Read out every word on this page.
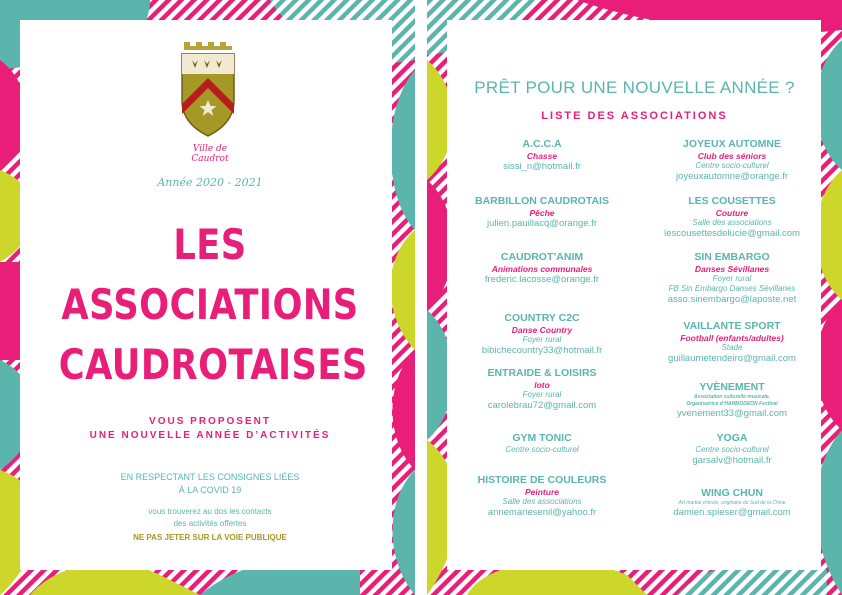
Ville de Caudrot
Année 2020 - 2021
LES
ASSOCIATIONS
CAUDROTAISES
VOUS PROPOSENT
UNE NOUVELLE ANNÉE D’ACTIVITÉS
EN RESPECTANT LES CONSIGNES LIÉES
À LA COVID 19
vous trouverez au dos les contacts
des activités offertes
NE PAS JETER SUR LA VOIE PUBLIQUE
PRÊT POUR UNE NOUVELLE ANNÉE ?
LISTE DES ASSOCIATIONS
A.C.C.A
Chasse
sissi_n@hotmail.fr
BARBILLON CAUDROTAIS
Pêche
julien.pauillacq@orange.fr
CAUDROT’ANIM
Animations communales
frederic.lacosse@orange.fr
COUNTRY C2C
Danse Country
Foyer rural
bibichecountry33@hotmail.fr
ENTRAIDE & LOISIRS
loto
Foyer rural
carolebrau72@gmail.com
GYM TONIC
Centre socio-culturel
HISTOIRE DE COULEURS
Peinture
Salle des associations
annemariesenil@yahoo.fr
JOYEUX AUTOMNE
Club des séniors
Centre socio-culturel
joyeuxautomne@orange.fr
LES COUSETTES
Couture
Salle des associations
lescousettesdelucie@gmail.com
SIN EMBARGO
Danses Sévillanes
Foyer rural
FB Sin Embargo Danses Sévillanes
asso.sinembargo@laposte.net
VAILLANTE SPORT
Football (enfants/adultes)
Stade
guillaumetendeiro@gmail.com
YVÈNEMENT
Association culturelle musicale,
Organisatrice d’HARMODEON Festival
yvenement33@gmail.com
YOGA
Centre socio-culturel
garsalv@hotmail.fr
WING CHUN
Art martial chinois, originaire du Sud de la Chine
damien.spieser@gmail.com
